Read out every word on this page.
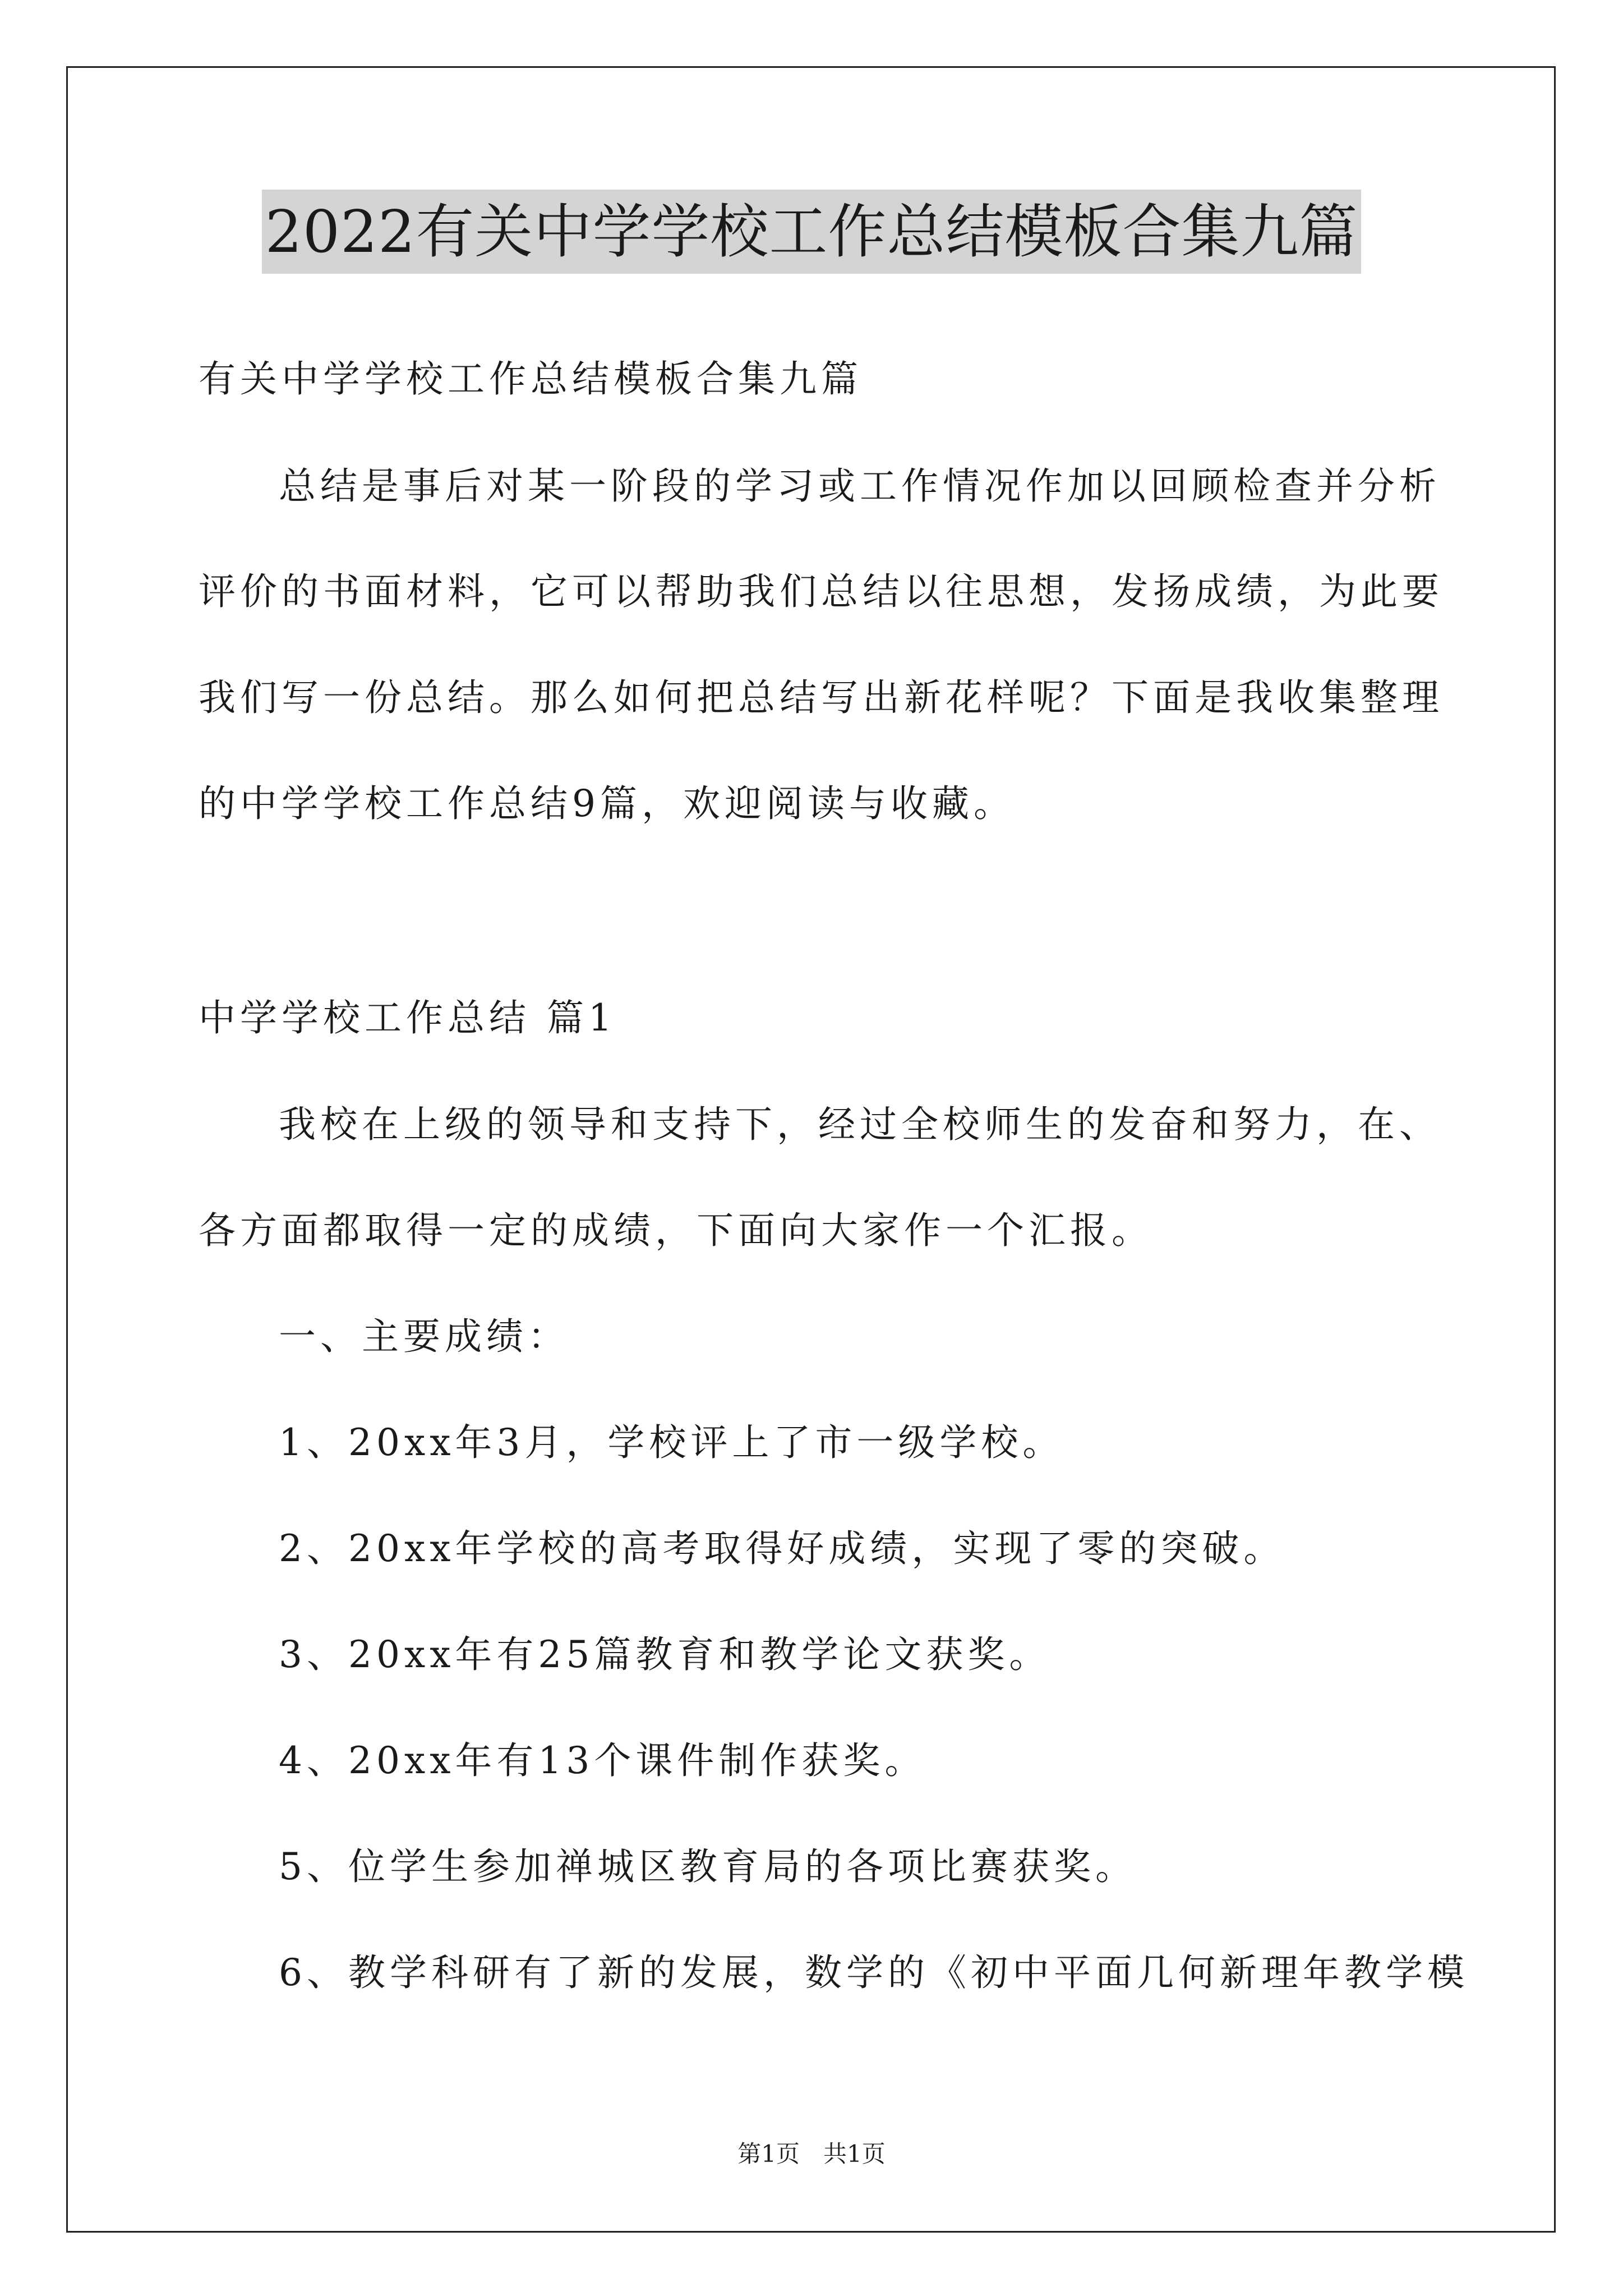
2022有关中学学校工作总结模板合集九篇
有关中学学校工作总结模板合集九篇
总结是事后对某一阶段的学习或工作情况作加以回顾检查并分析
评价的书面材料，它可以帮助我们总结以往思想，发扬成绩，为此要
我们写一份总结。那么如何把总结写出新花样呢？下面是我收集整理
的中学学校工作总结9篇，欢迎阅读与收藏。
中学学校工作总结 篇1
我校在上级的领导和支持下，经过全校师生的发奋和努力，在、
各方面都取得一定的成绩，下面向大家作一个汇报。
一、主要成绩：
1、20xx年3月，学校评上了市一级学校。
2、20xx年学校的高考取得好成绩，实现了零的突破。
3、20xx年有25篇教育和教学论文获奖。
4、20xx年有13个课件制作获奖。
5、位学生参加禅城区教育局的各项比赛获奖。
6、教学科研有了新的发展，数学的《初中平面几何新理年教学模
第1页　共1页
